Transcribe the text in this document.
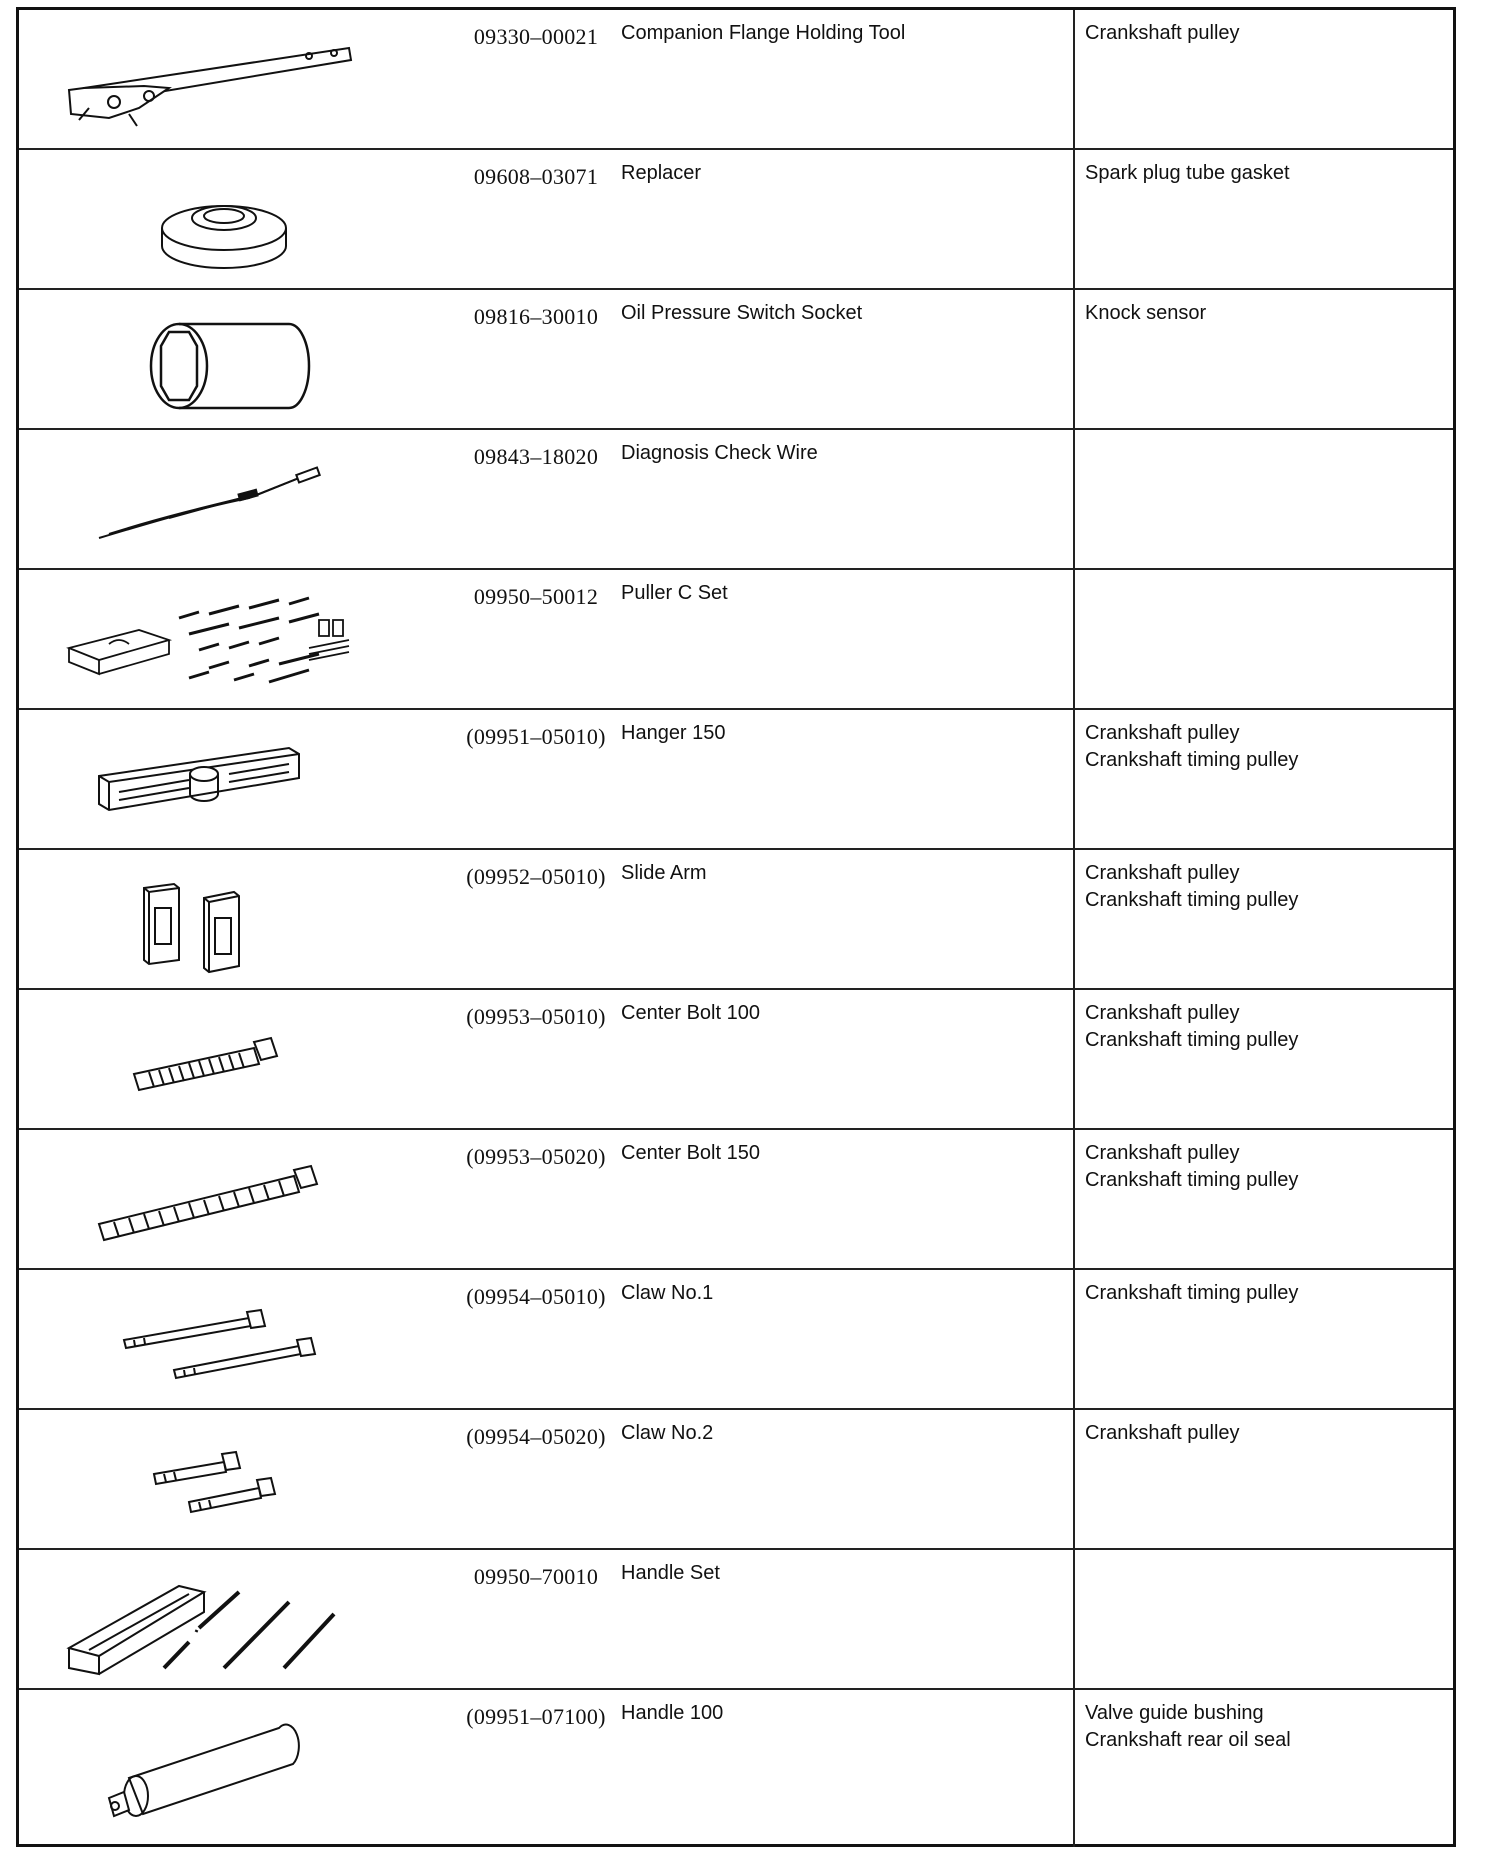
09330–00021	Companion Flange Holding Tool	Crankshaft pulley
09608–03071	Replacer	Spark plug tube gasket
09816–30010	Oil Pressure Switch Socket	Knock sensor
09843–18020	Diagnosis Check Wire
09950–50012	Puller C Set
(09951–05010) Hanger 150	Crankshaft pulley
Crankshaft timing pulley
(09952–05010) Slide Arm	Crankshaft pulley
Crankshaft timing pulley
(09953–05010) Center Bolt 100	Crankshaft pulley
Crankshaft timing pulley
(09953–05020) Center Bolt 150	Crankshaft pulley
Crankshaft timing pulley
(09954–05010) Claw No.1	Crankshaft timing pulley
(09954–05020) Claw No.2	Crankshaft pulley
09950–70010	Handle Set
(09951–07100) Handle 100	Valve guide bushing
Crankshaft rear oil seal
